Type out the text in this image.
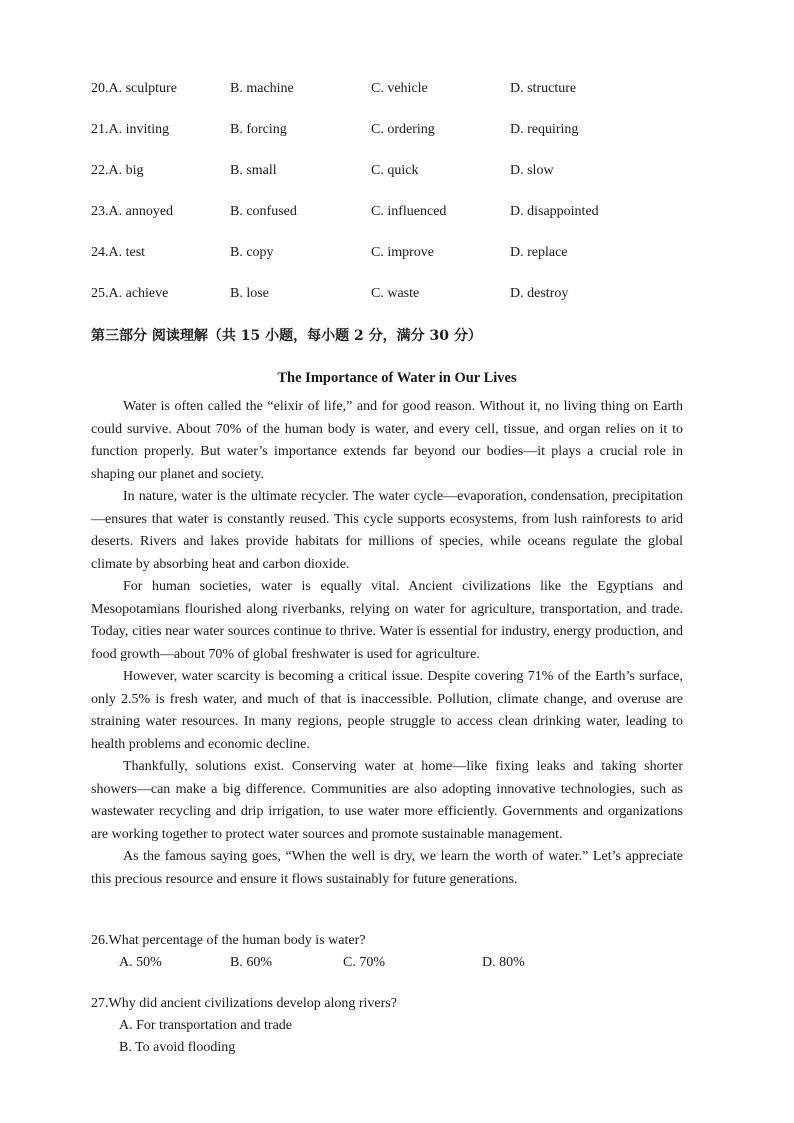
20.A. sculpture	B. machine	C. vehicle	D. structure
21.A. inviting	B. forcing	C. ordering	D. requiring
22.A. big	B. small	C. quick	D. slow
23.A. annoyed	B. confused	C. influenced	D. disappointed
24.A. test	B. copy	C. improve	D. replace
25.A. achieve	B. lose	C. waste	D. destroy
第三部分 阅读理解（共 15 小题，每小题 2 分，满分 30 分）
The Importance of Water in Our Lives

Water is often called the “elixir of life,” and for good reason. Without it, no living thing on Earth could survive. About 70% of the human body is water, and every cell, tissue, and organ relies on it to function properly. But water’s importance extends far beyond our bodies—it plays a crucial role in shaping our planet and society.

In nature, water is the ultimate recycler. The water cycle—evaporation, condensation, precipitation—ensures that water is constantly reused. This cycle supports ecosystems, from lush rainforests to arid deserts. Rivers and lakes provide habitats for millions of species, while oceans regulate the global climate by absorbing heat and carbon dioxide.

For human societies, water is equally vital. Ancient civilizations like the Egyptians and Mesopotamians flourished along riverbanks, relying on water for agriculture, transportation, and trade. Today, cities near water sources continue to thrive. Water is essential for industry, energy production, and food growth—about 70% of global freshwater is used for agriculture.

However, water scarcity is becoming a critical issue. Despite covering 71% of the Earth’s surface, only 2.5% is fresh water, and much of that is inaccessible. Pollution, climate change, and overuse are straining water resources. In many regions, people struggle to access clean drinking water, leading to health problems and economic decline.

Thankfully, solutions exist. Conserving water at home—like fixing leaks and taking shorter showers—can make a big difference. Communities are also adopting innovative technologies, such as wastewater recycling and drip irrigation, to use water more efficiently. Governments and organizations are working together to protect water sources and promote sustainable management.

As the famous saying goes, “When the well is dry, we learn the worth of water.” Let’s appreciate this precious resource and ensure it flows sustainably for future generations.

26.What percentage of the human body is water?
A. 50%	B. 60%	C. 70%	D. 80%
27.Why did ancient civilizations develop along rivers?
A. For transportation and trade
B. To avoid flooding
